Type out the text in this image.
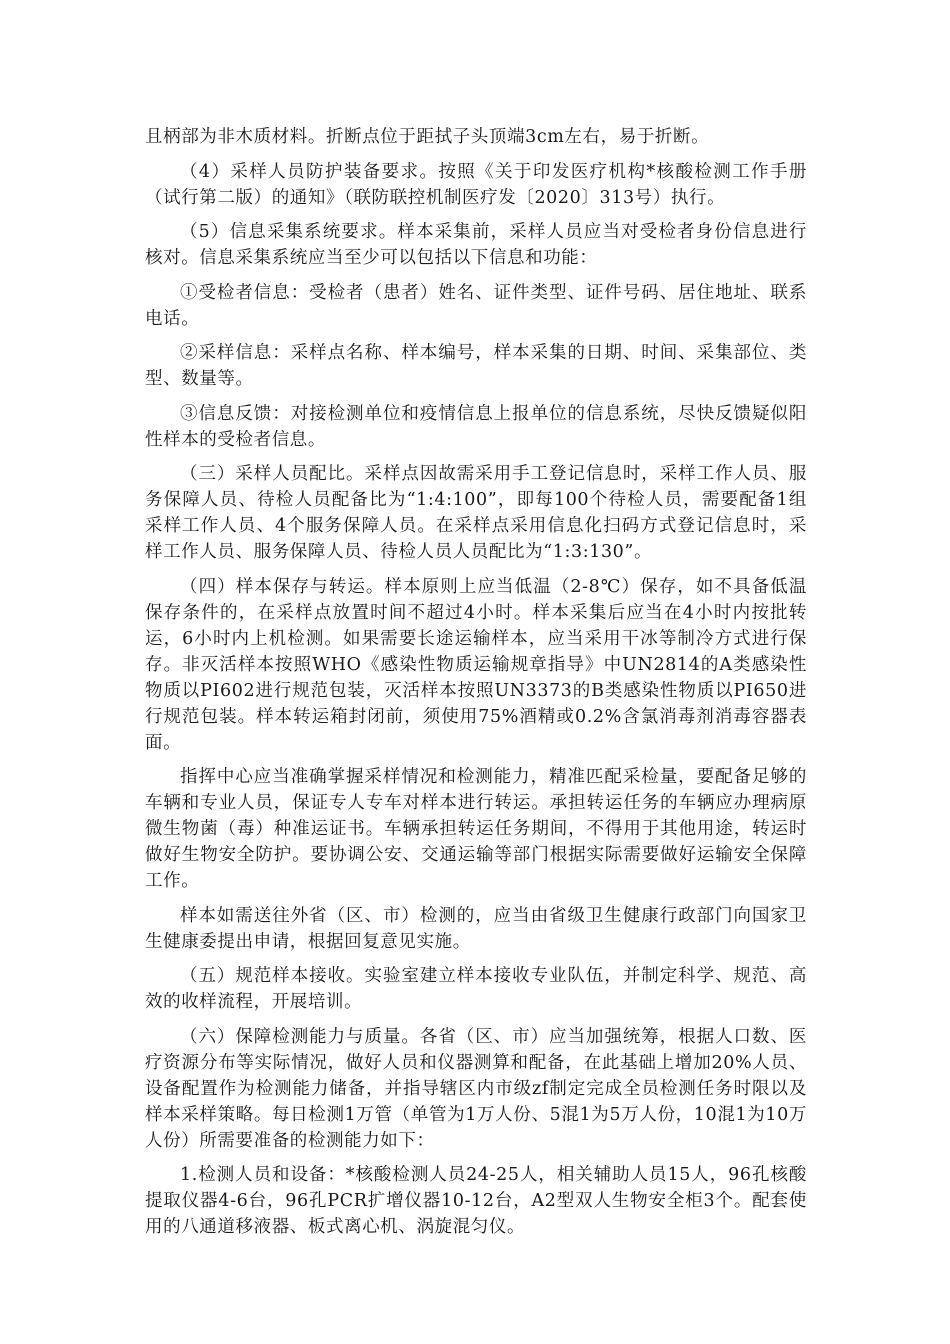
且柄部为非木质材料。折断点位于距拭子头顶端3cm左右，易于折断。

（4）采样人员防护装备要求。按照《关于印发医疗机构*核酸检测工作手册（试行第二版）的通知》（联防联控机制医疗发〔2020〕313号）执行。

（5）信息采集系统要求。样本采集前，采样人员应当对受检者身份信息进行核对。信息采集系统应当至少可以包括以下信息和功能：

①受检者信息：受检者（患者）姓名、证件类型、证件号码、居住地址、联系电话。

②采样信息：采样点名称、样本编号，样本采集的日期、时间、采集部位、类型、数量等。

③信息反馈：对接检测单位和疫情信息上报单位的信息系统，尽快反馈疑似阳性样本的受检者信息。

（三）采样人员配比。采样点因故需采用手工登记信息时，采样工作人员、服务保障人员、待检人员配备比为“1:4:100”，即每100个待检人员，需要配备1组采样工作人员、4个服务保障人员。在采样点采用信息化扫码方式登记信息时，采样工作人员、服务保障人员、待检人员人员配比为“1:3:130”。

（四）样本保存与转运。样本原则上应当低温（2-8℃）保存，如不具备低温保存条件的，在采样点放置时间不超过4小时。样本采集后应当在4小时内按批转运，6小时内上机检测。如果需要长途运输样本，应当采用干冰等制冷方式进行保存。非灭活样本按照WHO《感染性物质运输规章指导》中UN2814的A类感染性物质以PI602进行规范包装，灭活样本按照UN3373的B类感染性物质以PI650进行规范包装。样本转运箱封闭前，须使用75%酒精或0.2%含氯消毒剂消毒容器表面。

指挥中心应当准确掌握采样情况和检测能力，精准匹配采检量，要配备足够的车辆和专业人员，保证专人专车对样本进行转运。承担转运任务的车辆应办理病原微生物菌（毒）种准运证书。车辆承担转运任务期间，不得用于其他用途，转运时做好生物安全防护。要协调公安、交通运输等部门根据实际需要做好运输安全保障工作。

样本如需送往外省（区、市）检测的，应当由省级卫生健康行政部门向国家卫生健康委提出申请，根据回复意见实施。

（五）规范样本接收。实验室建立样本接收专业队伍，并制定科学、规范、高效的收样流程，开展培训。

（六）保障检测能力与质量。各省（区、市）应当加强统筹，根据人口数、医疗资源分布等实际情况，做好人员和仪器测算和配备，在此基础上增加20%人员、设备配置作为检测能力储备，并指导辖区内市级zf制定完成全员检测任务时限以及样本采样策略。每日检测1万管（单管为1万人份、5混1为5万人份，10混1为10万人份）所需要准备的检测能力如下：

1.检测人员和设备：*核酸检测人员24-25人，相关辅助人员15人，96孔核酸提取仪器4-6台，96孔PCR扩增仪器10-12台，A2型双人生物安全柜3个。配套使用的八通道移液器、板式离心机、涡旋混匀仪。
